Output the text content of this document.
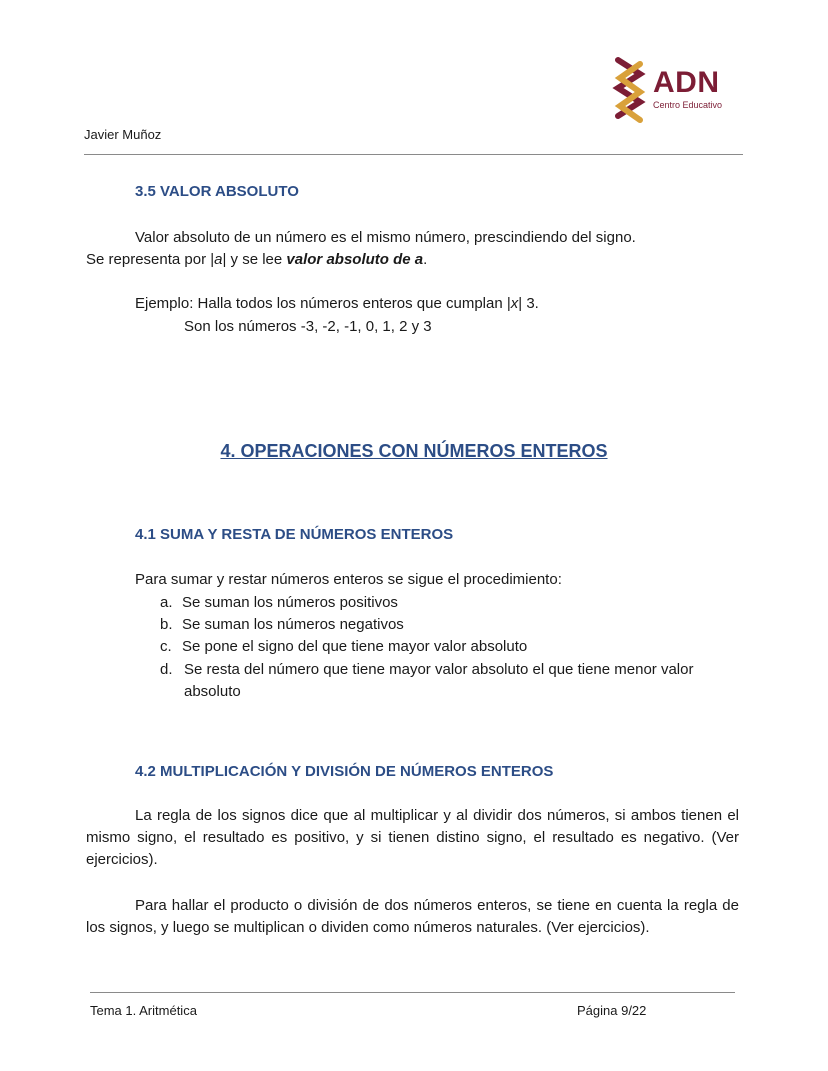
ADN
Centro Educativo
Javier Muñoz
3.5 VALOR ABSOLUTO
Valor absoluto de un número es el mismo número, prescindiendo del signo.
Se representa por |a| y se lee valor absoluto de a.
Ejemplo: Halla todos los números enteros que cumplan |x| 3.
Son los números -3, -2, -1, 0, 1, 2 y 3
4. OPERACIONES CON NÚMEROS ENTEROS
4.1 SUMA Y RESTA DE NÚMEROS ENTEROS
Para sumar y restar números enteros se sigue el procedimiento:
a. Se suman los números positivos
b. Se suman los números negativos
c. Se pone el signo del que tiene mayor valor absoluto
d. Se resta del número que tiene mayor valor absoluto el que tiene menor valor absoluto
4.2 MULTIPLICACIÓN Y DIVISIÓN DE NÚMEROS ENTEROS
La regla de los signos dice que al multiplicar y al dividir dos números, si ambos tienen el mismo signo, el resultado es positivo, y si tienen distino signo, el resultado es negativo. (Ver ejercicios).
Para hallar el producto o división de dos números enteros, se tiene en cuenta la regla de los signos, y luego se multiplican o dividen como números naturales. (Ver ejercicios).
Tema 1. Aritmética	Página 9/22
